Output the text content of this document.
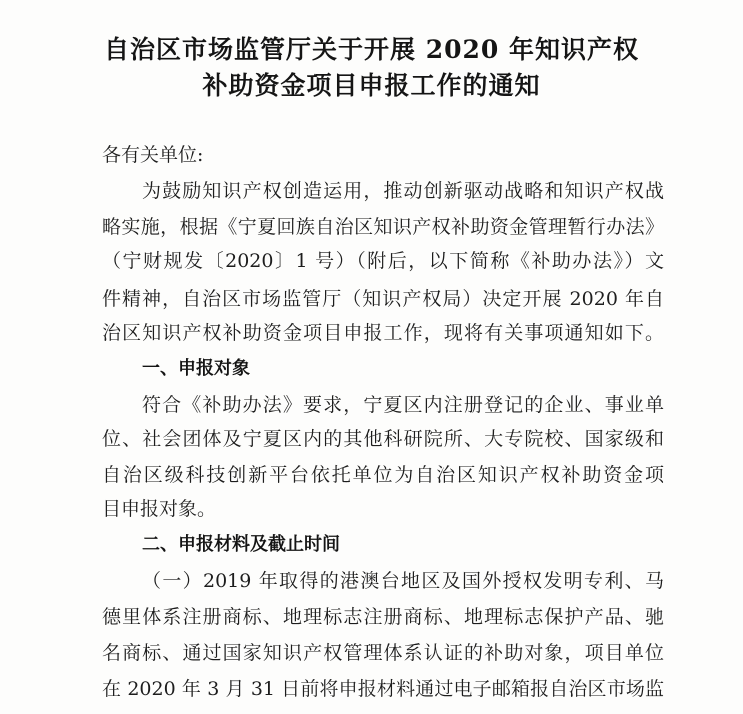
自治区市场监管厅关于开展 2020 年知识产权
补助资金项目申报工作的通知
各有关单位:
为鼓励知识产权创造运用，推动创新驱动战略和知识产权战
略实施，根据《宁夏回族自治区知识产权补助资金管理暂行办法》
（宁财规发〔2020〕1 号）（附后，以下简称《补助办法》）文
件精神，自治区市场监管厅（知识产权局）决定开展 2020 年自
治区知识产权补助资金项目申报工作，现将有关事项通知如下。
一、申报对象
符合《补助办法》要求，宁夏区内注册登记的企业、事业单
位、社会团体及宁夏区内的其他科研院所、大专院校、国家级和
自治区级科技创新平台依托单位为自治区知识产权补助资金项
目申报对象。
二、申报材料及截止时间
（一）2019 年取得的港澳台地区及国外授权发明专利、马
德里体系注册商标、地理标志注册商标、地理标志保护产品、驰
名商标、通过国家知识产权管理体系认证的补助对象，项目单位
在 2020 年 3 月 31 日前将申报材料通过电子邮箱报自治区市场监
